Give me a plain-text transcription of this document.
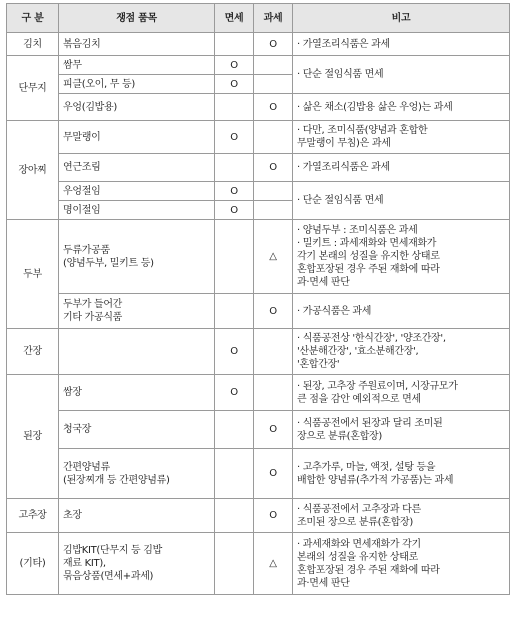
구 분	쟁점 품목	면세	과세	비고
김치	볶음김치		O	· 가열조리식품은 과세
단무지	쌈무	O		· 단순 절임식품 면세
	피클(오이, 무 등)	O		
	우엉(김밥용)		O	· 삶은 채소(김밥용 삶은 우엉)는 과세
장아찌	무말랭이	O		· 다만, 조미식품(양념과 혼합한
무말랭이 무침)은 과세
	연근조림		O	· 가열조리식품은 과세
	우엉절임	O		· 단순 절임식품 면세
	명이절임	O		
두부	두류가공품
(양념두부, 밀키트 등)		△	· 양념두부 : 조미식품은 과세
· 밀키트 : 과세재화와 면세재화가
각기 본래의 성질을 유지한 상태로
혼합포장된 경우 주된 재화에 따라
과·면세 판단
	두부가 들어간
기타 가공식품		O	· 가공식품은 과세
간장		O		· 식품공전상 '한식간장', '양조간장',
'산분해간장', '효소분해간장',
'혼합간장'
된장	쌈장	O		· 된장, 고추장 주원료이며, 시장규모가
큰 점을 감안 예외적으로 면세
	청국장		O	· 식품공전에서 된장과 달리 조미된
장으로 분류(혼합장)
	간편양념류
(된장찌개 등 간편양념류)		O	· 고추가루, 마늘, 액젓, 설탕 등을
배합한 양념류(추가적 가공품)는 과세
고추장	초장		O	· 식품공전에서 고추장과 다른
조미된 장으로 분류(혼합장)
(기타)	김밥KIT(단무지 등 김밥
재료 KIT),
묶음상품(면세+과세)		△	· 과세재화와 면세재화가 각기
본래의 성질을 유지한 상태로
혼합포장된 경우 주된 재화에 따라
과·면세 판단
